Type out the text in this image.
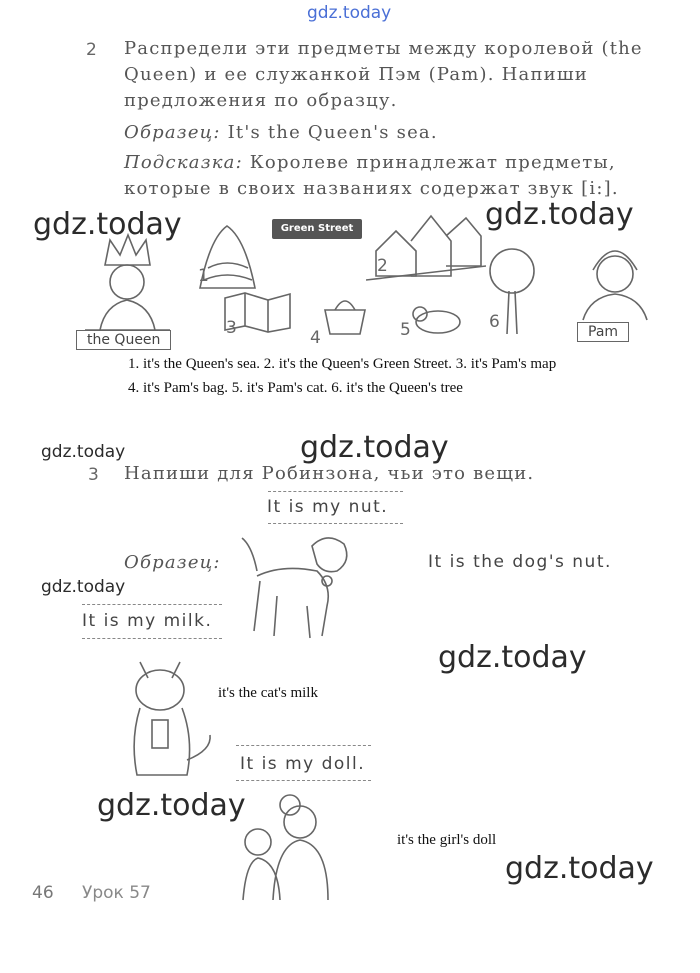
gdz.today
2 Распредели эти предметы между королевой (the
Queen) и ее служанкой Пэм (Pam). Напиши
предложения по образцу.
Образец: It's the Queen's sea.
Подсказка: Королеве принадлежат предметы,
которые в своих названиях содержат звук [i:].
gdz.today	gdz.today
the Queen
1
Green Street
2
3	4	5	6	Pam
1. it's the Queen's sea. 2. it's the Queen's Green Street. 3. it's Pam's map
4. it's Pam's bag. 5. it's Pam's cat. 6. it's the Queen's tree
gdz.today	gdz.today
3 Напиши для Робинзона, чьи это вещи.
It is my nut.
Образец:	It is the dog's nut.
gdz.today
It is my milk.
gdz.today
it's the cat's milk
It is my doll.
gdz.today
it's the girl's doll
gdz.today
46 Урок 57
